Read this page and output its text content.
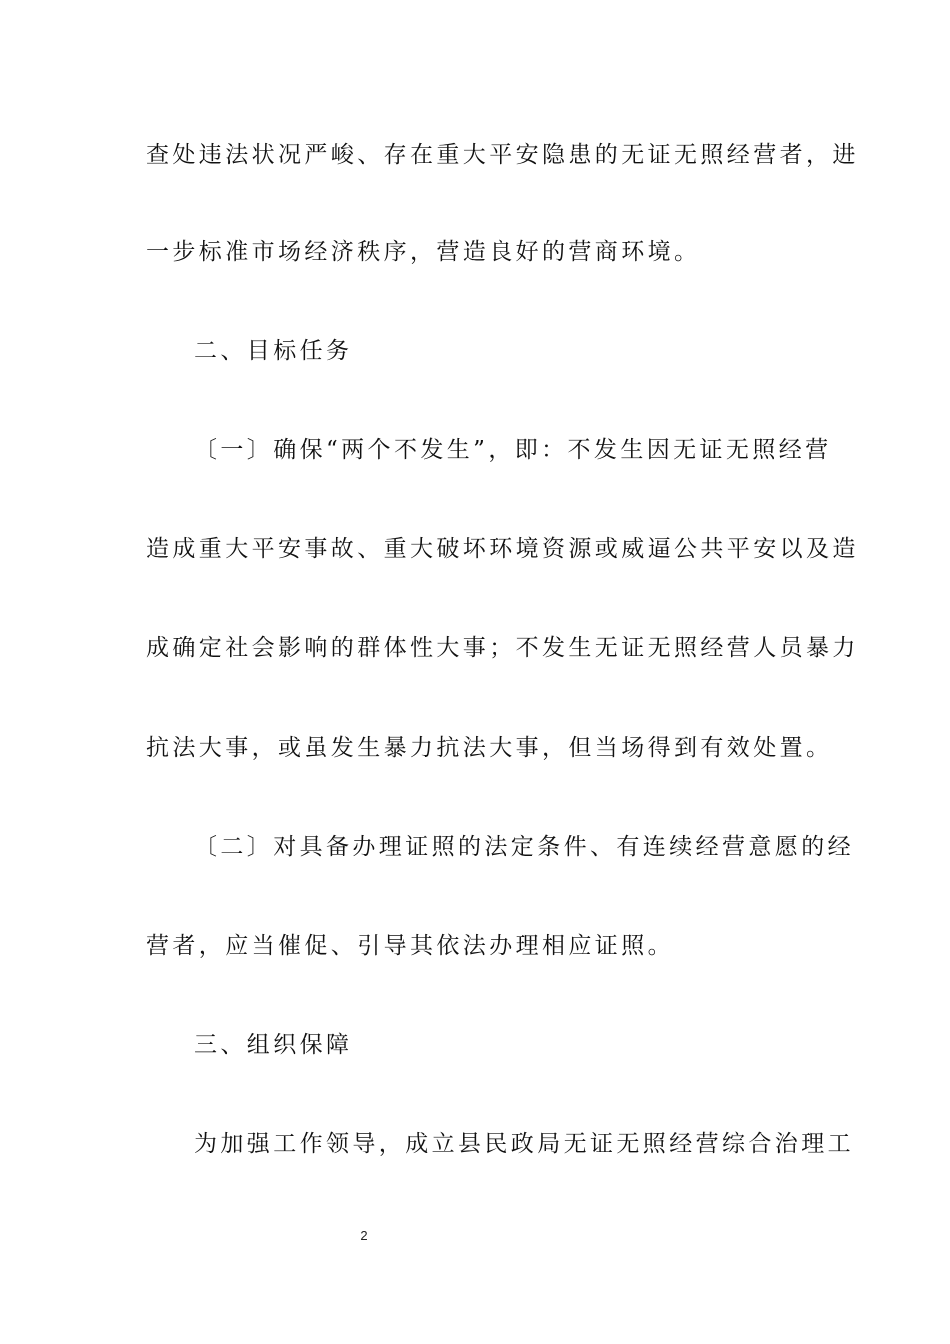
查处违法状况严峻、存在重大平安隐患的无证无照经营者，进
一步标准市场经济秩序，营造良好的营商环境。
二、目标任务
〔一〕确保“两个不发生”，即：不发生因无证无照经营
造成重大平安事故、重大破坏环境资源或威逼公共平安以及造
成确定社会影响的群体性大事；不发生无证无照经营人员暴力
抗法大事，或虽发生暴力抗法大事，但当场得到有效处置。
〔二〕对具备办理证照的法定条件、有连续经营意愿的经
营者，应当催促、引导其依法办理相应证照。
三、组织保障
为加强工作领导，成立县民政局无证无照经营综合治理工
2
